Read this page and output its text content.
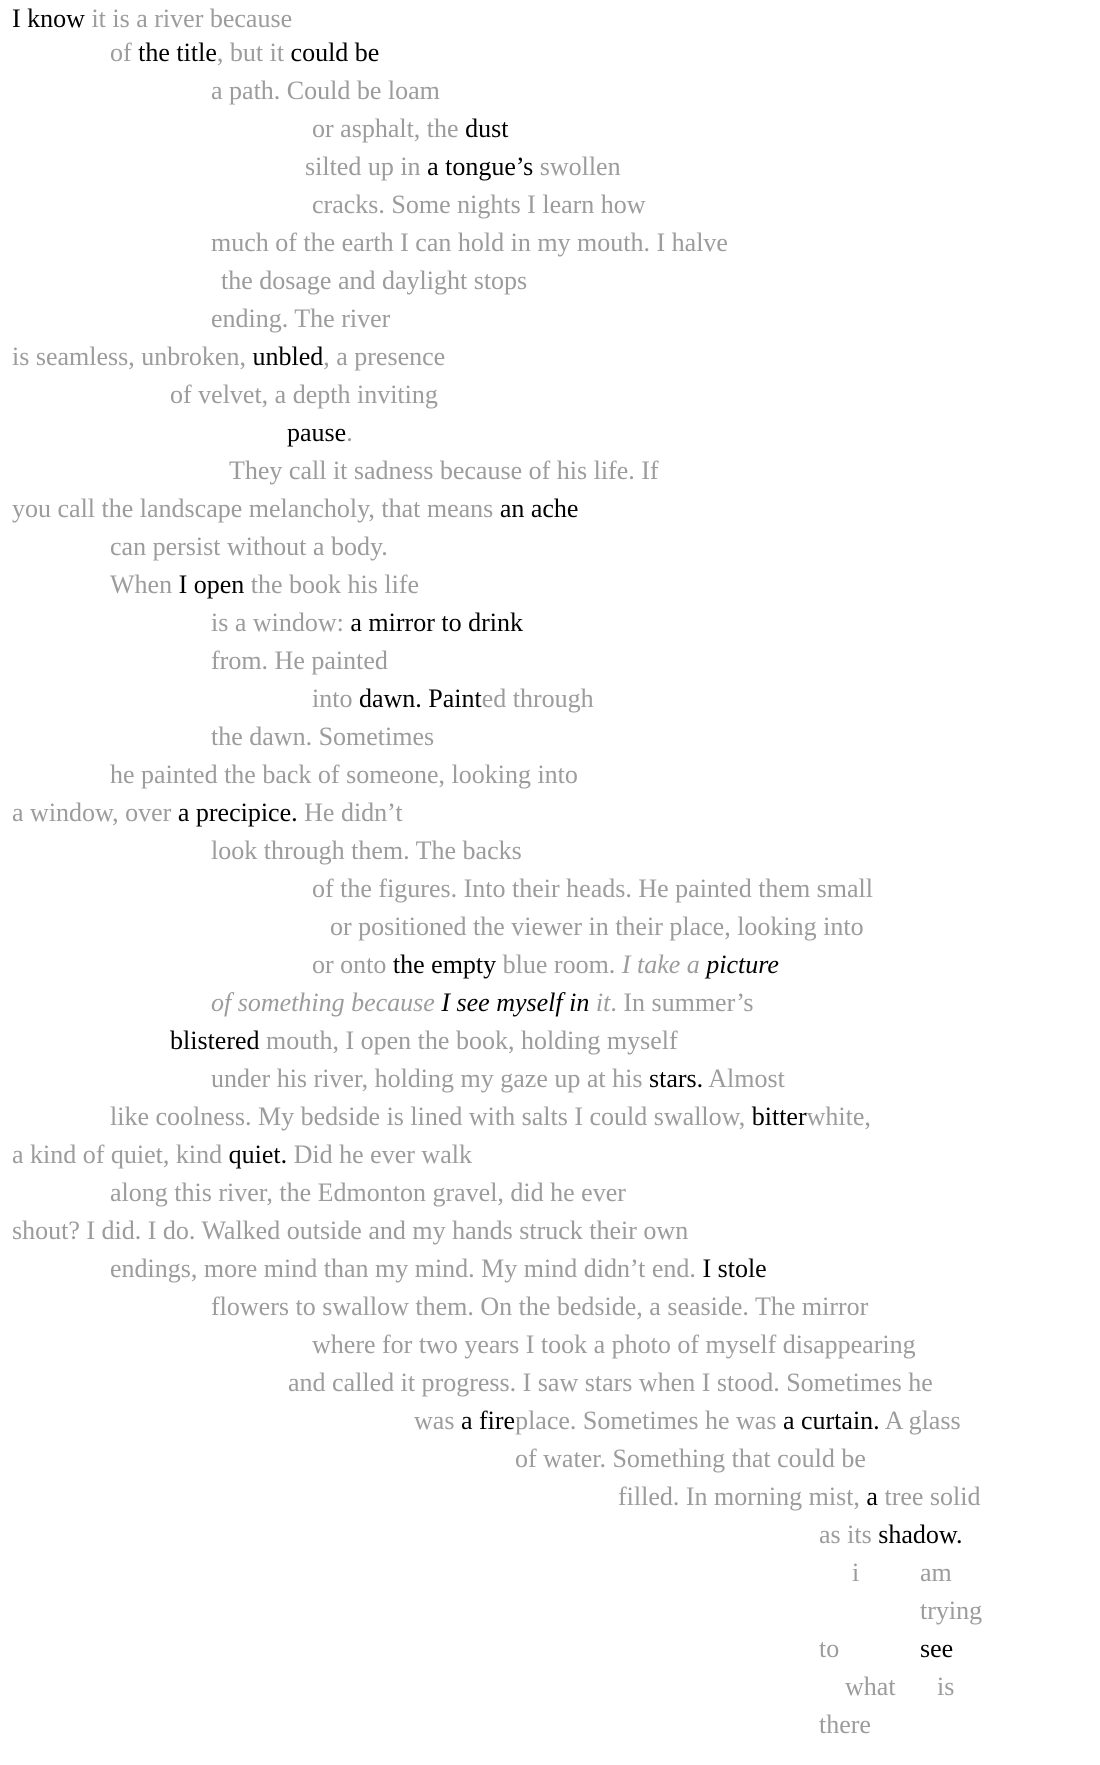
I know it is a river because
of the title, but it could be
a path. Could be loam
or asphalt, the dust
silted up in a tongue’s swollen
cracks. Some nights I learn how
much of the earth I can hold in my mouth. I halve
the dosage and daylight stops
ending. The river
is seamless, unbroken, unbled, a presence
of velvet, a depth inviting
pause.
They call it sadness because of his life. If
you call the landscape melancholy, that means an ache
can persist without a body.
When I open the book his life
is a window: a mirror to drink
from. He painted
into dawn. Painted through
the dawn. Sometimes
he painted the back of someone, looking into
a window, over a precipice. He didn’t
look through them. The backs
of the figures. Into their heads. He painted them small
or positioned the viewer in their place, looking into
or onto the empty blue room. I take a picture
of something because I see myself in it. In summer’s
blistered mouth, I open the book, holding myself
under his river, holding my gaze up at his stars. Almost
like coolness. My bedside is lined with salts I could swallow, bitterwhite,
a kind of quiet, kind quiet. Did he ever walk
along this river, the Edmonton gravel, did he ever
shout? I did. I do. Walked outside and my hands struck their own
endings, more mind than my mind. My mind didn’t end. I stole
flowers to swallow them. On the bedside, a seaside. The mirror
where for two years I took a photo of myself disappearing
and called it progress. I saw stars when I stood. Sometimes he
was a fireplace. Sometimes he was a curtain. A glass
of water. Something that could be
filled. In morning mist, a tree solid
as its shadow.
i am
trying
to	see
what is
there
